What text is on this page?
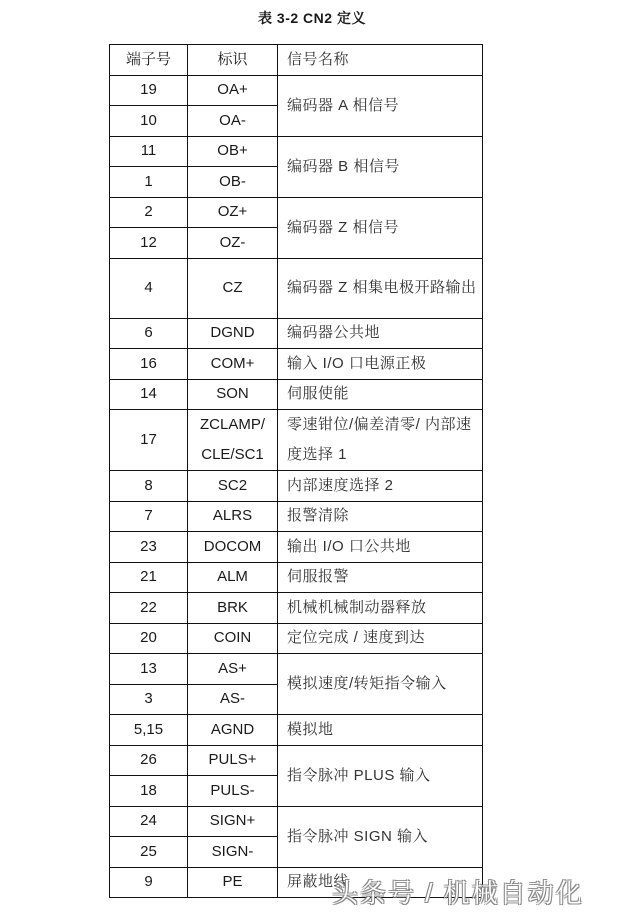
表 3-2 CN2 定义
端子号	标识	信号名称
19	OA+	编码器 A 相信号
10	OA-	
11	OB+	编码器 B 相信号
1	OB-	
2	OZ+	编码器 Z 相信号
12	OZ-	
4	CZ	编码器 Z 相集电极开路输出
6	DGND	编码器公共地
16	COM+	输入 I/O 口电源正极
14	SON	伺服使能
17	ZCLAMP/ CLE/SC1	零速钳位/偏差清零/ 内部速度选择 1
8	SC2	内部速度选择 2
7	ALRS	报警清除
23	DOCOM	输出 I/O 口公共地
21	ALM	伺服报警
22	BRK	机械机械制动器释放
20	COIN	定位完成 / 速度到达
13	AS+	模拟速度/转矩指令输入
3	AS-	
5,15	AGND	模拟地
26	PULS+	指令脉冲 PLUS 输入
18	PULS-	
24	SIGN+	指令脉冲 SIGN 输入
25	SIGN-	
9	PE	屏蔽地线
头条号 / 机械自动化
